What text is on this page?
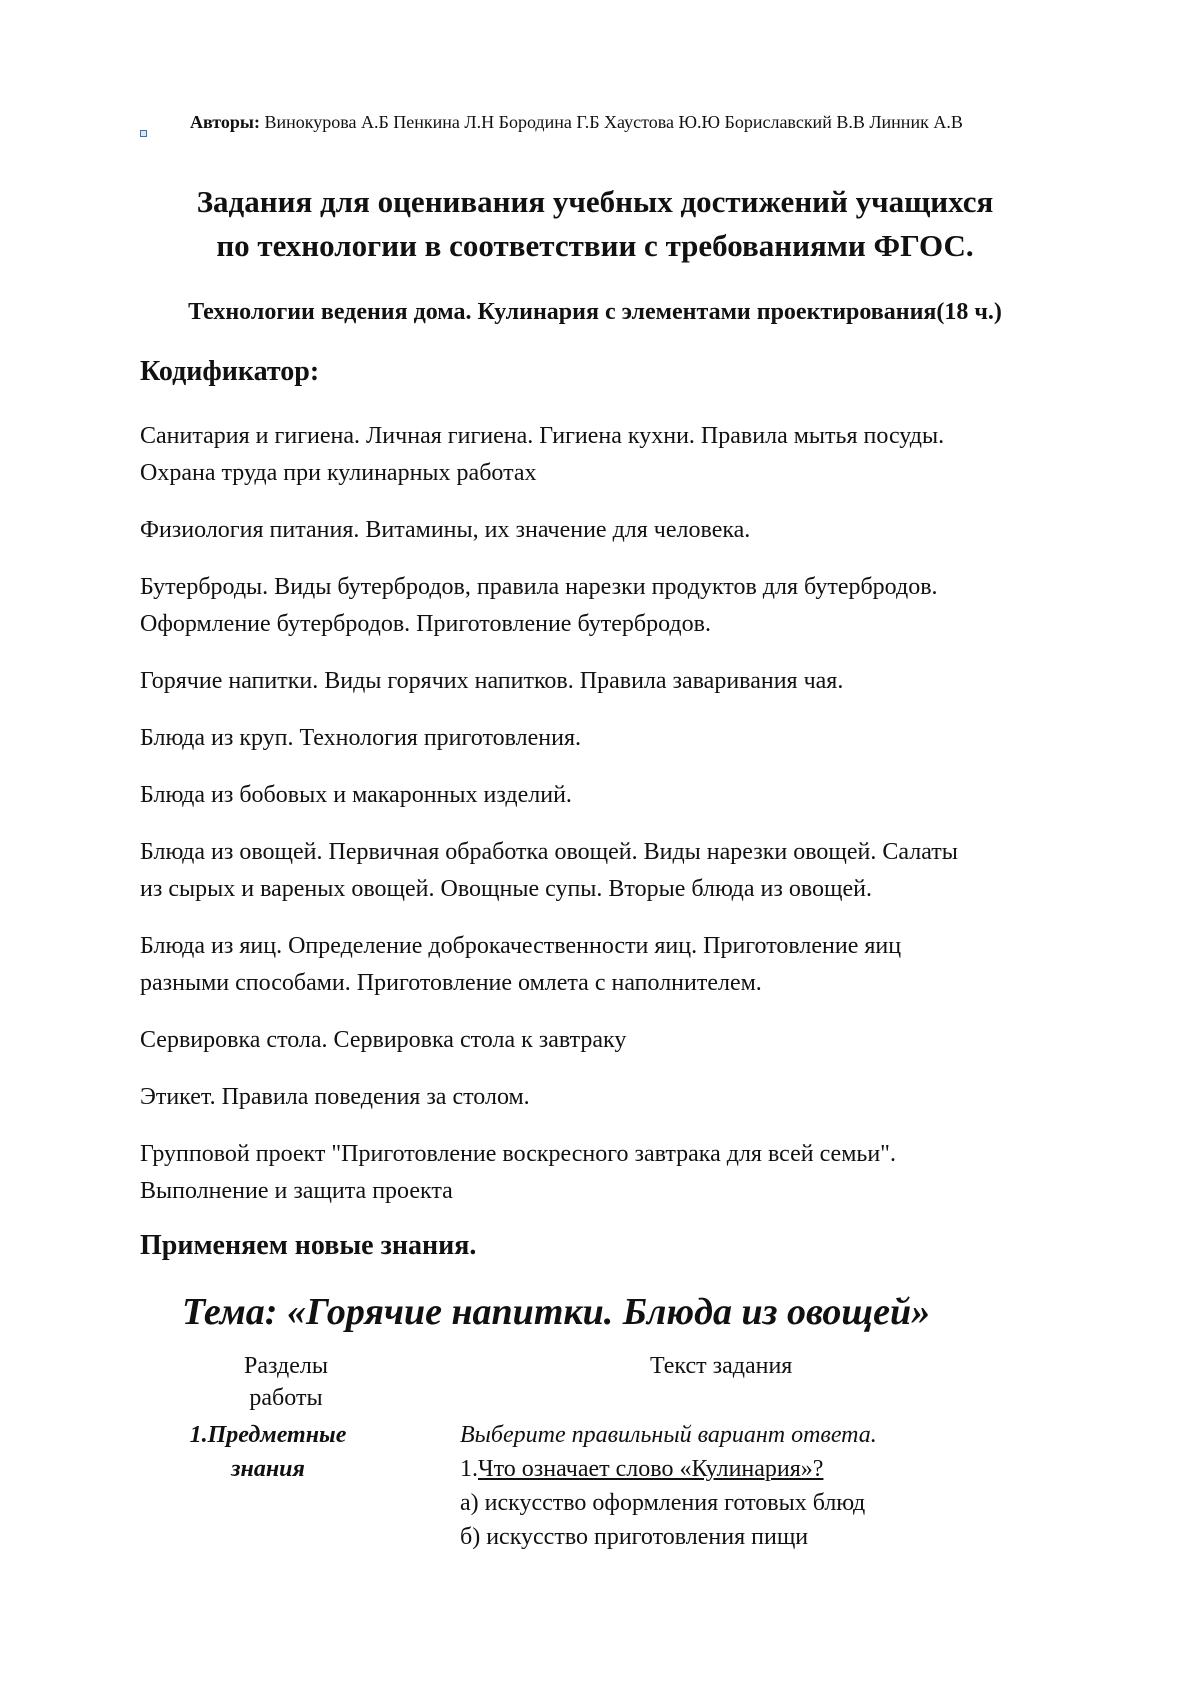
Авторы: Винокурова А.Б Пенкина Л.Н Бородина Г.Б Хаустова Ю.Ю Бориславский В.В Линник А.В
Задания для оценивания учебных достижений учащихся
по технологии в соответствии с требованиями ФГОС.
Технологии ведения дома. Кулинария с элементами проектирования(18 ч.)
Кодификатор:
Санитария и гигиена. Личная гигиена. Гигиена кухни. Правила мытья посуды.
Охрана труда при кулинарных работах
Физиология питания. Витамины, их значение для человека.
Бутерброды. Виды бутербродов, правила нарезки продуктов для бутербродов.
Оформление бутербродов. Приготовление бутербродов.
Горячие напитки. Виды горячих напитков. Правила заваривания чая.
Блюда из круп. Технология приготовления.
Блюда из бобовых и макаронных изделий.
Блюда из овощей. Первичная обработка овощей. Виды нарезки овощей. Салаты
из сырых и вареных овощей. Овощные супы. Вторые блюда из овощей.
Блюда из яиц. Определение доброкачественности яиц. Приготовление яиц
разными способами. Приготовление омлета с наполнителем.
Сервировка стола. Сервировка стола к завтраку
Этикет. Правила поведения за столом.
Групповой проект "Приготовление воскресного завтрака для всей семьи".
Выполнение и защита проекта
Применяем новые знания.
Тема: «Горячие напитки. Блюда из овощей»
Разделы
работы
Текст задания
1.Предметные
знания
Выберите правильный вариант ответа.
1.Что означает слово «Кулинария»?
а) искусство оформления готовых блюд
б) искусство приготовления пищи
